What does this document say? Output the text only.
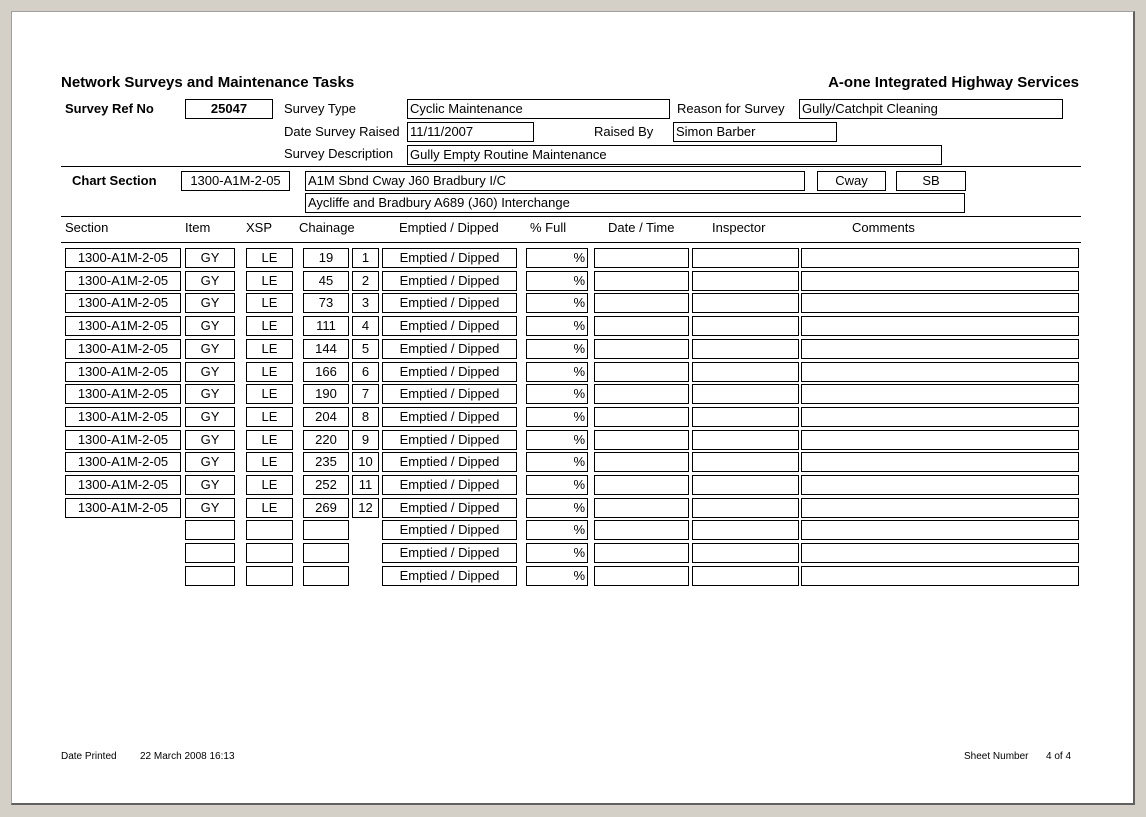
Network Surveys and Maintenance Tasks	A-one Integrated Highway Services
Survey Ref No	25047	Survey Type	Cyclic Maintenance	Reason for Survey Gully/Catchpit Cleaning
Date Survey Raised 11/11/2007	Raised By Simon Barber
Survey Description Gully Empty Routine Maintenance
Chart Section	1300-A1M-2-05	A1M Sbnd Cway J60 Bradbury I/C	Cway	SB
Aycliffe and Bradbury A689 (J60) Interchange
Section	Item	XSP Chainage	Emptied / Dipped % Full	Date / Time	Inspector	Comments
1300-A1M-2-05	GY	LE	19	1	Emptied / Dipped	%
1300-A1M-2-05	GY	LE	45	2	Emptied / Dipped	%
1300-A1M-2-05	GY	LE	73	3	Emptied / Dipped	%
1300-A1M-2-05	GY	LE	111	4	Emptied / Dipped	%
1300-A1M-2-05	GY	LE	144	5	Emptied / Dipped	%
1300-A1M-2-05	GY	LE	166	6	Emptied / Dipped	%
1300-A1M-2-05	GY	LE	190	7	Emptied / Dipped	%
1300-A1M-2-05	GY	LE	204	8	Emptied / Dipped	%
1300-A1M-2-05	GY	LE	220	9	Emptied / Dipped	%
1300-A1M-2-05	GY	LE	235	10	Emptied / Dipped	%
1300-A1M-2-05	GY	LE	252	11	Emptied / Dipped	%
1300-A1M-2-05	GY	LE	269	12	Emptied / Dipped	%
Emptied / Dipped	%
Emptied / Dipped	%
Emptied / Dipped	%
Date Printed 22 March 2008 16:13	Sheet Number 4 of 4
